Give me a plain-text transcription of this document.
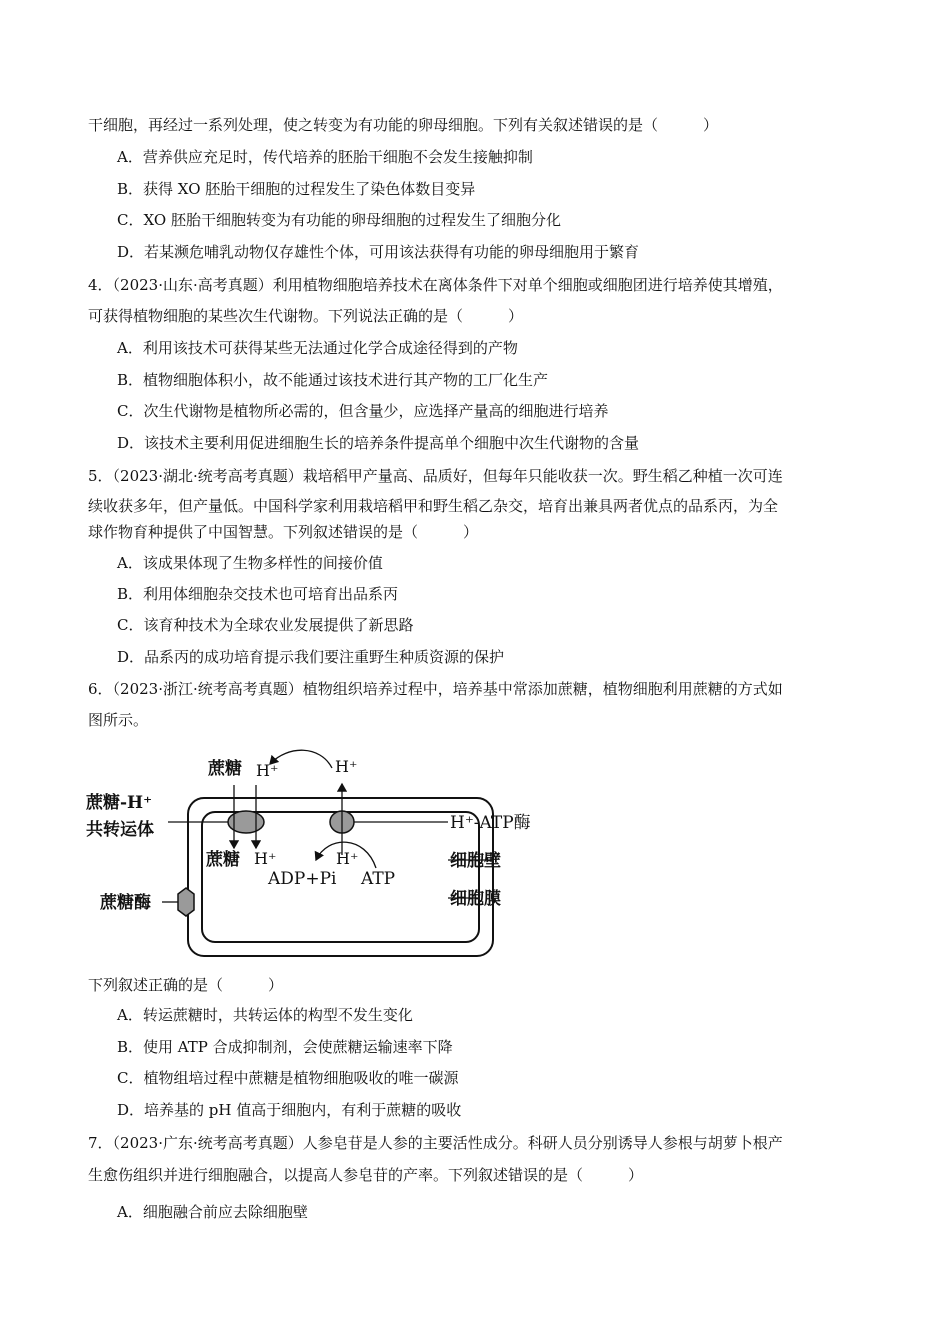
干细胞，再经过一系列处理，使之转变为有功能的卵母细胞。下列有关叙述错误的是（　　　）
A．营养供应充足时，传代培养的胚胎干细胞不会发生接触抑制
B．获得 XO 胚胎干细胞的过程发生了染色体数目变异
C．XO 胚胎干细胞转变为有功能的卵母细胞的过程发生了细胞分化
D．若某濒危哺乳动物仅存雄性个体，可用该法获得有功能的卵母细胞用于繁育
4．（2023·山东·高考真题）利用植物细胞培养技术在离体条件下对单个细胞或细胞团进行培养使其增殖，
可获得植物细胞的某些次生代谢物。下列说法正确的是（　　　）
A．利用该技术可获得某些无法通过化学合成途径得到的产物
B．植物细胞体积小，故不能通过该技术进行其产物的工厂化生产
C．次生代谢物是植物所必需的，但含量少，应选择产量高的细胞进行培养
D．该技术主要利用促进细胞生长的培养条件提高单个细胞中次生代谢物的含量
5．（2023·湖北·统考高考真题）栽培稻甲产量高、品质好，但每年只能收获一次。野生稻乙种植一次可连
续收获多年，但产量低。中国科学家利用栽培稻甲和野生稻乙杂交，培育出兼具两者优点的品系丙，为全
球作物育种提供了中国智慧。下列叙述错误的是（　　　）
A．该成果体现了生物多样性的间接价值
B．利用体细胞杂交技术也可培育出品系丙
C．该育种技术为全球农业发展提供了新思路
D．品系丙的成功培育提示我们要注重野生种质资源的保护
6．（2023·浙江·统考高考真题）植物组织培养过程中，培养基中常添加蔗糖，植物细胞利用蔗糖的方式如
图所示。
蔗糖 H⁺	H⁺
蔗糖-H⁺
共转运体	H⁺-ATP酶
蔗糖 H⁺	H⁺
ADP+Pi ATP
细胞壁
细胞膜
蔗糖酶
下列叙述正确的是（　　　）
A．转运蔗糖时，共转运体的构型不发生变化
B．使用 ATP 合成抑制剂，会使蔗糖运输速率下降
C．植物组培过程中蔗糖是植物细胞吸收的唯一碳源
D．培养基的 pH 值高于细胞内，有利于蔗糖的吸收
7．（2023·广东·统考高考真题）人参皂苷是人参的主要活性成分。科研人员分别诱导人参根与胡萝卜根产
生愈伤组织并进行细胞融合，以提高人参皂苷的产率。下列叙述错误的是（　　　）
A．细胞融合前应去除细胞壁
